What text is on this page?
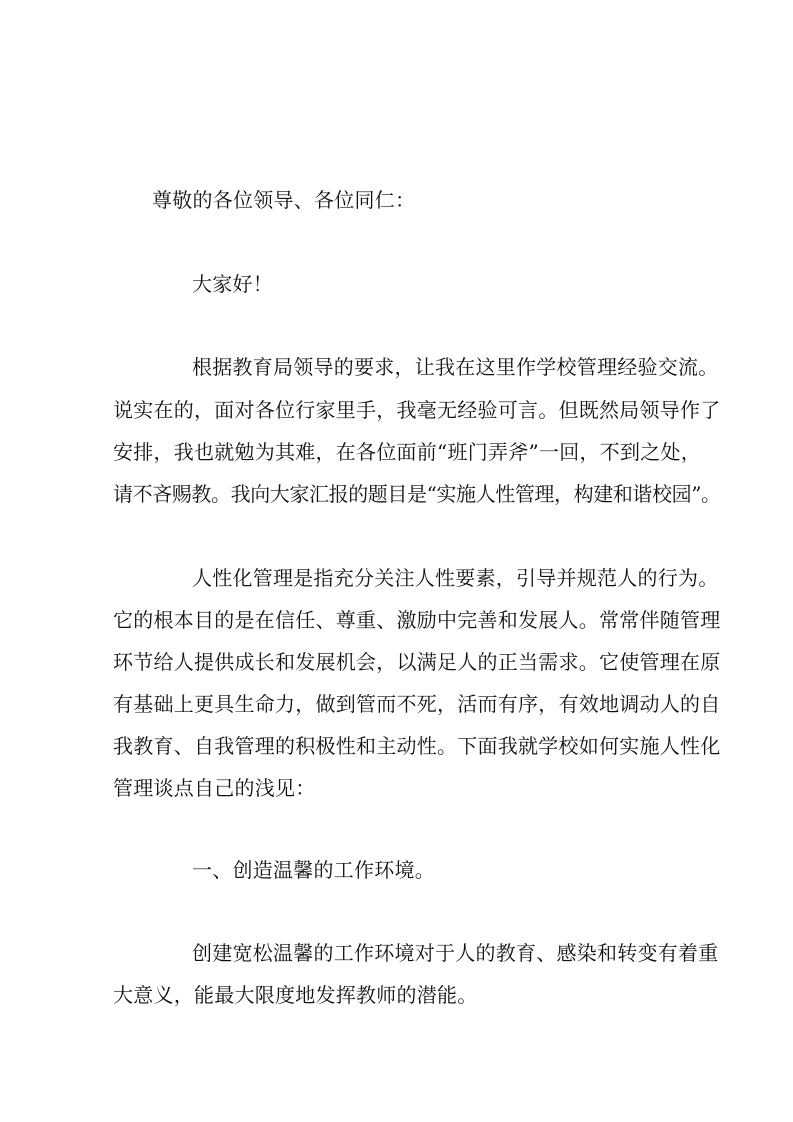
尊敬的各位领导、各位同仁：
大家好！
根据教育局领导的要求，让我在这里作学校管理经验交流。
说实在的，面对各位行家里手，我毫无经验可言。但既然局领导作了
安排，我也就勉为其难，在各位面前“班门弄斧”一回，不到之处，
请不吝赐教。我向大家汇报的题目是“实施人性管理，构建和谐校园”。
人性化管理是指充分关注人性要素，引导并规范人的行为。
它的根本目的是在信任、尊重、激励中完善和发展人。常常伴随管理
环节给人提供成长和发展机会，以满足人的正当需求。它使管理在原
有基础上更具生命力，做到管而不死，活而有序，有效地调动人的自
我教育、自我管理的积极性和主动性。下面我就学校如何实施人性化
管理谈点自己的浅见：
一、创造温馨的工作环境。
创建宽松温馨的工作环境对于人的教育、感染和转变有着重
大意义，能最大限度地发挥教师的潜能。
